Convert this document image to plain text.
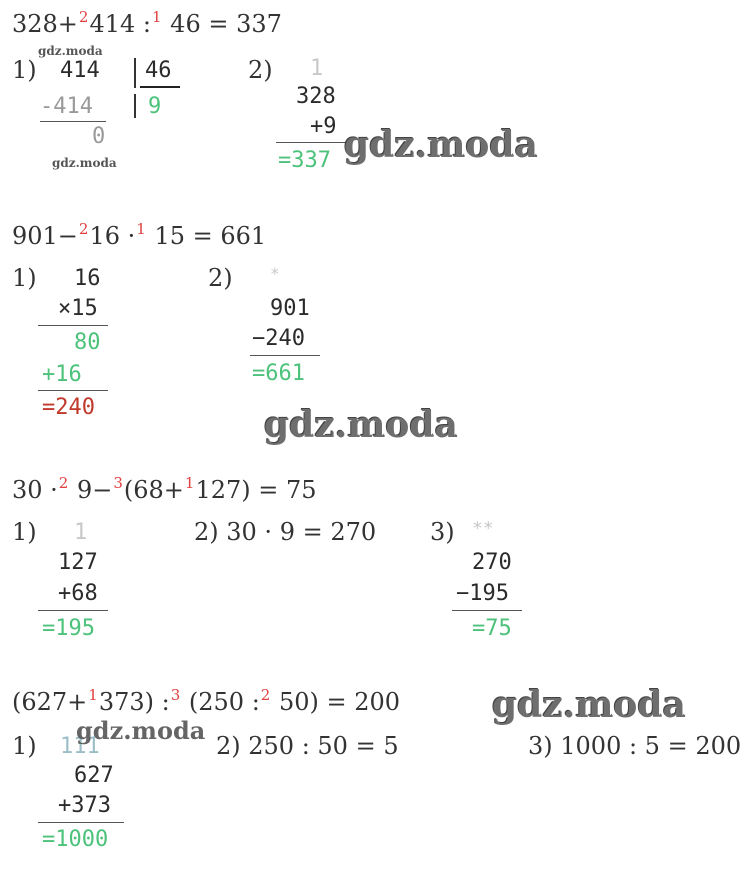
328+$^2$414 :$^1$ 46 = 337
gdz.moda
1) 414 46
-414	9
0
gdz.moda
2) 1
328
+9
=337 gdz.moda
901−$^2$16 ·$^1$ 15 = 661
1) 16
×15
80
+16
=240
2) *
901
−240
=661
gdz.moda
30 ·$^2$ 9−$^3$(68+$^1$127) = 75
1) 1
127
+68
=195
2) 30 · 9 = 270 3) **
270
−195
=75
(627+$^1$373) :$^3$ (250 :$^2$ 50) = 200	gdz.moda
1) 111
gdz.moda
627
+373
=1000
2) 250 : 50 = 5	3) 1000 : 5 = 200
